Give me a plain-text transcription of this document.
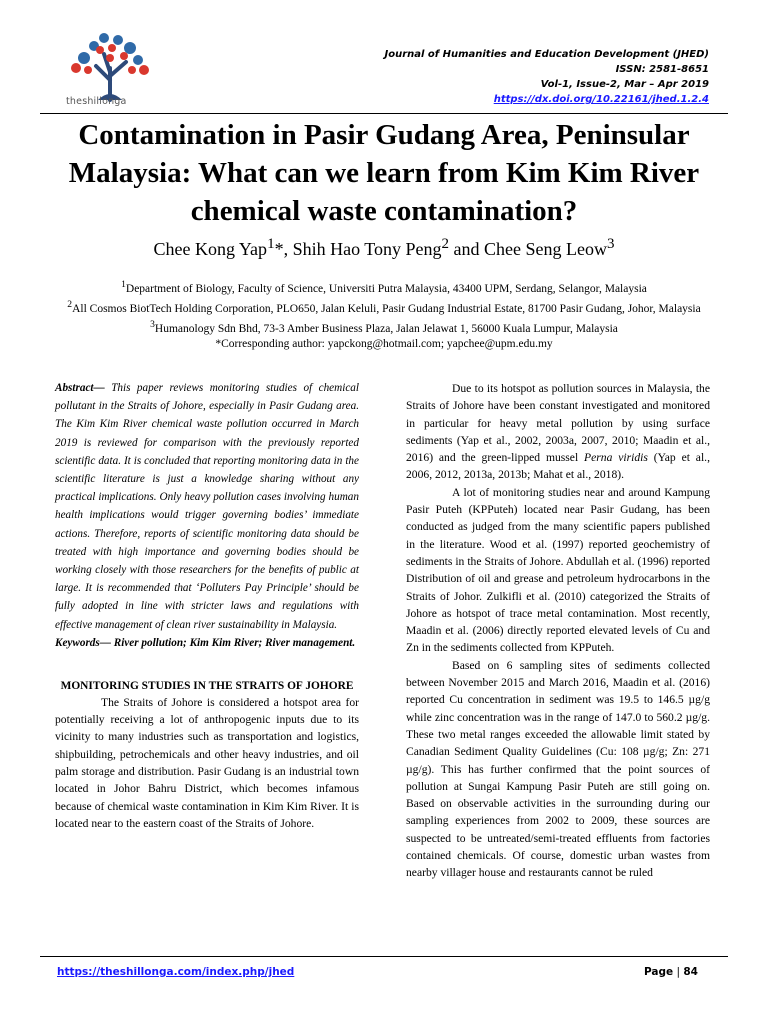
theshillonga
Journal of Humanities and Education Development (JHED)
ISSN: 2581-8651
Vol-1, Issue-2, Mar – Apr 2019
https://dx.doi.org/10.22161/jhed.1.2.4
Contamination in Pasir Gudang Area, Peninsular Malaysia: What can we learn from Kim Kim River chemical waste contamination?
Chee Kong Yap$^1$*, Shih Hao Tony Peng$^2$ and Chee Seng Leow$^3$
$^1$Department of Biology, Faculty of Science, Universiti Putra Malaysia, 43400 UPM, Serdang, Selangor, Malaysia
$^2$All Cosmos BiotTech Holding Corporation, PLO650, Jalan Keluli, Pasir Gudang Industrial Estate, 81700 Pasir Gudang, Johor, Malaysia
$^3$Humanology Sdn Bhd, 73-3 Amber Business Plaza, Jalan Jelawat 1, 56000 Kuala Lumpur, Malaysia
*Corresponding author: yapckong@hotmail.com; yapchee@upm.edu.my
Abstract— This paper reviews monitoring studies of chemical pollutant in the Straits of Johore, especially in Pasir Gudang area. The Kim Kim River chemical waste pollution occurred in March 2019 is reviewed for comparison with the previously reported scientific data. It is concluded that reporting monitoring data in the scientific literature is just a knowledge sharing without any practical implications. Only heavy pollution cases involving human health implications would trigger governing bodies’ immediate actions. Therefore, reports of scientific monitoring data should be treated with high importance and governing bodies should be working closely with those researchers for the benefits of public at large. It is recommended that ‘Polluters Pay Principle’ should be fully adopted in line with stricter laws and regulations with effective management of clean river sustainability in Malaysia.
Keywords— River pollution; Kim Kim River; River management.
MONITORING STUDIES IN THE STRAITS OF JOHORE

The Straits of Johore is considered a hotspot area for potentially receiving a lot of anthropogenic inputs due to its vicinity to many industries such as transportation and logistics, shipbuilding, petrochemicals and other heavy industries, and oil palm storage and distribution. Pasir Gudang is an industrial town located in Johor Bahru District, which becomes infamous because of chemical waste contamination in Kim Kim River. It is located near to the eastern coast of the Straits of Johore.

Due to its hotspot as pollution sources in Malaysia, the Straits of Johore have been constant investigated and monitored in particular for heavy metal pollution by using surface sediments (Yap et al., 2002, 2003a, 2007, 2010; Maadin et al., 2016) and the green-lipped mussel Perna viridis (Yap et al., 2006, 2012, 2013a, 2013b; Mahat et al., 2018).

A lot of monitoring studies near and around Kampung Pasir Puteh (KPPuteh) located near Pasir Gudang, has been conducted as judged from the many scientific papers published in the literature. Wood et al. (1997) reported geochemistry of sediments in the Straits of Johore. Abdullah et al. (1996) reported Distribution of oil and grease and petroleum hydrocarbons in the Straits of Johor. Zulkifli et al. (2010) categorized the Straits of Johore as hotspot of trace metal contamination. Most recently, Maadin et al. (2006) directly reported elevated levels of Cu and Zn in the sediments collected from KPPuteh.

Based on 6 sampling sites of sediments collected between November 2015 and March 2016, Maadin et al. (2016) reported Cu concentration in sediment was 19.5 to 146.5 µg/g while zinc concentration was in the range of 147.0 to 560.2 µg/g. These two metal ranges exceeded the allowable limit stated by Canadian Sediment Quality Guidelines (Cu: 108 µg/g; Zn: 271 µg/g). This has further confirmed that the point sources of pollution at Sungai Kampung Pasir Puteh are still going on. Based on observable activities in the surrounding during our sampling experiences from 2002 to 2009, these sources are suspected to be untreated/semi-treated effluents from factories contained chemicals. Of course, domestic urban wastes from nearby villager house and restaurants cannot be ruled

https://theshillonga.com/index.php/jhed	Page | 84
